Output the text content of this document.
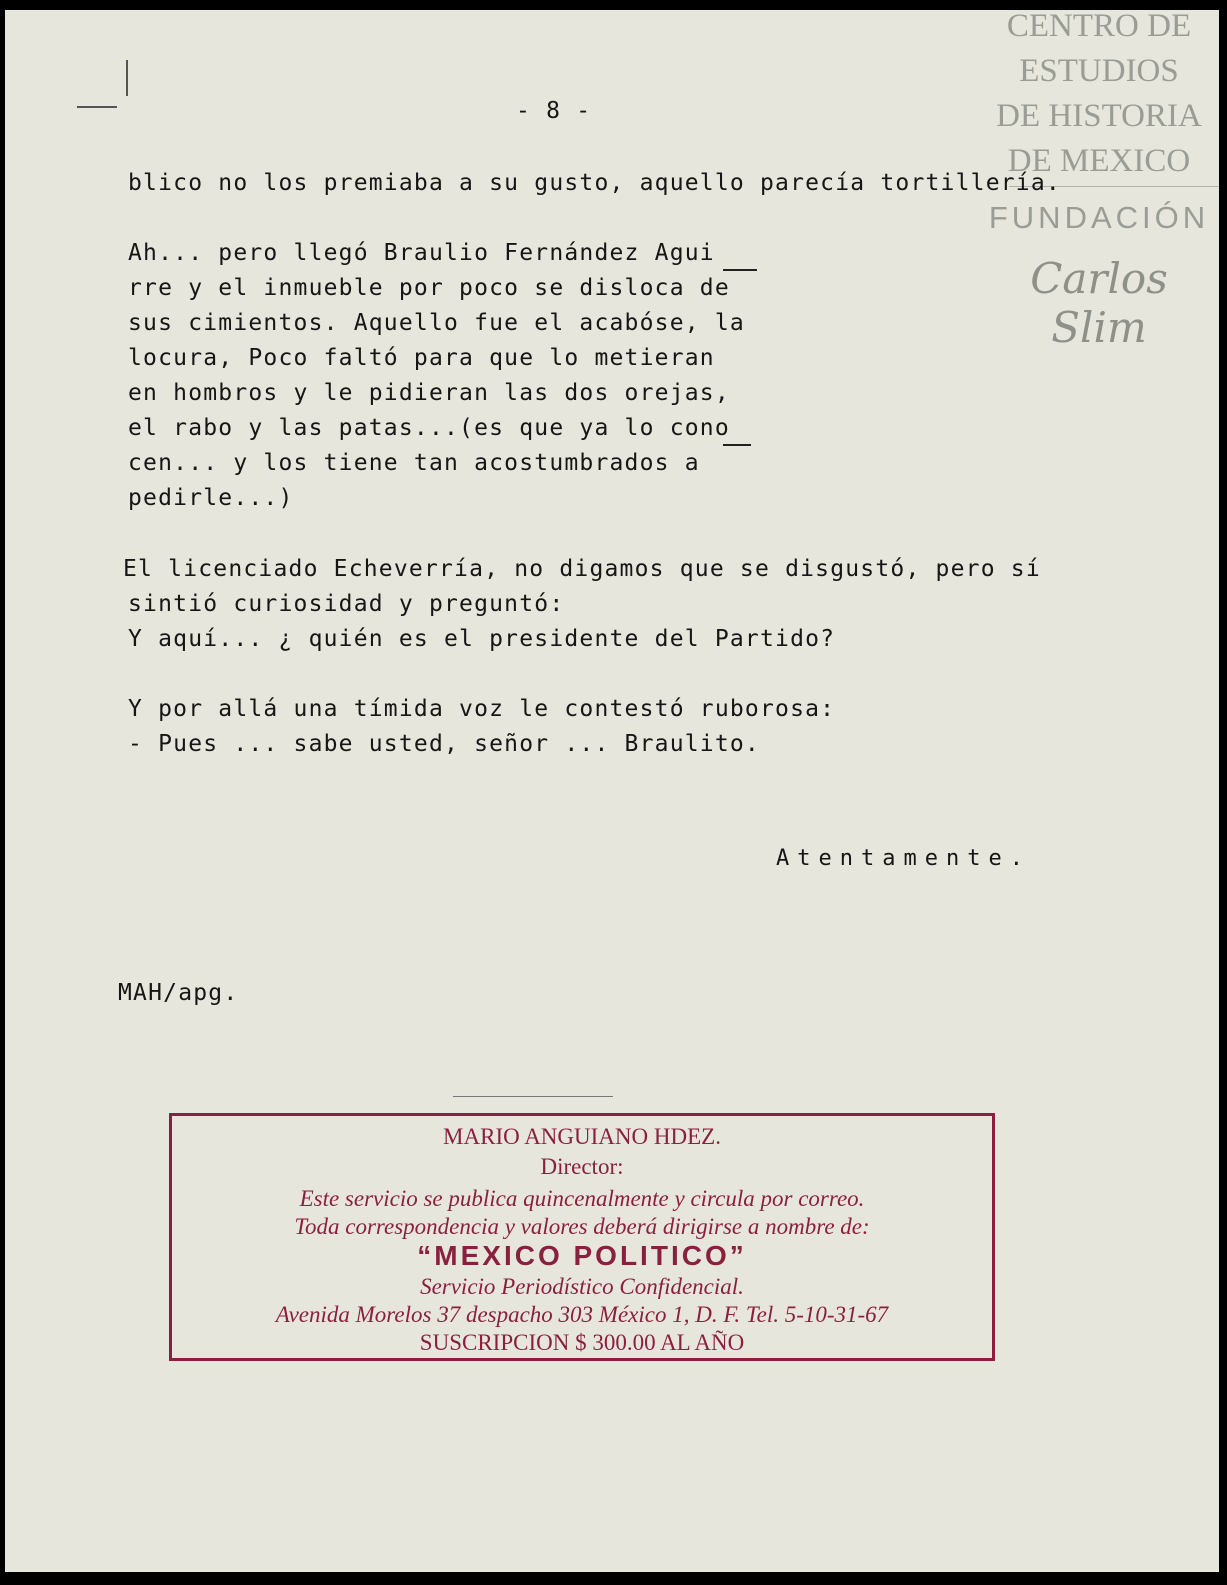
CENTRO DE
ESTUDIOS
DE HISTORIA
DE MEXICO
FUNDACIÓN
Carlos Slim
- 8 -
blico no los premiaba a su gusto, aquello parecía tortillería.
Ah... pero llegó Braulio Fernández Agui
rre y el inmueble por poco se disloca de
sus cimientos. Aquello fue el acabóse, la
locura, Poco faltó para que lo metieran
en hombros y le pidieran las dos orejas,
el rabo y las patas...(es que ya lo cono
cen... y los tiene tan acostumbrados a
pedirle...)
El licenciado Echeverría, no digamos que se disgustó, pero sí
sintió curiosidad y preguntó:
Y aquí... ¿ quién es el presidente del Partido?
Y por allá una tímida voz le contestó ruborosa:
- Pues ... sabe usted, señor ... Braulito.
Atentamente.
MAH/apg.
MARIO ANGUIANO HDEZ.
Director:
Este servicio se publica quincenalmente y circula por correo.
Toda correspondencia y valores deberá dirigirse a nombre de:
“MEXICO POLITICO”
Servicio Periodístico Confidencial.
Avenida Morelos 37 despacho 303 México 1, D. F. Tel. 5-10-31-67
SUSCRIPCION $ 300.00 AL AÑO
